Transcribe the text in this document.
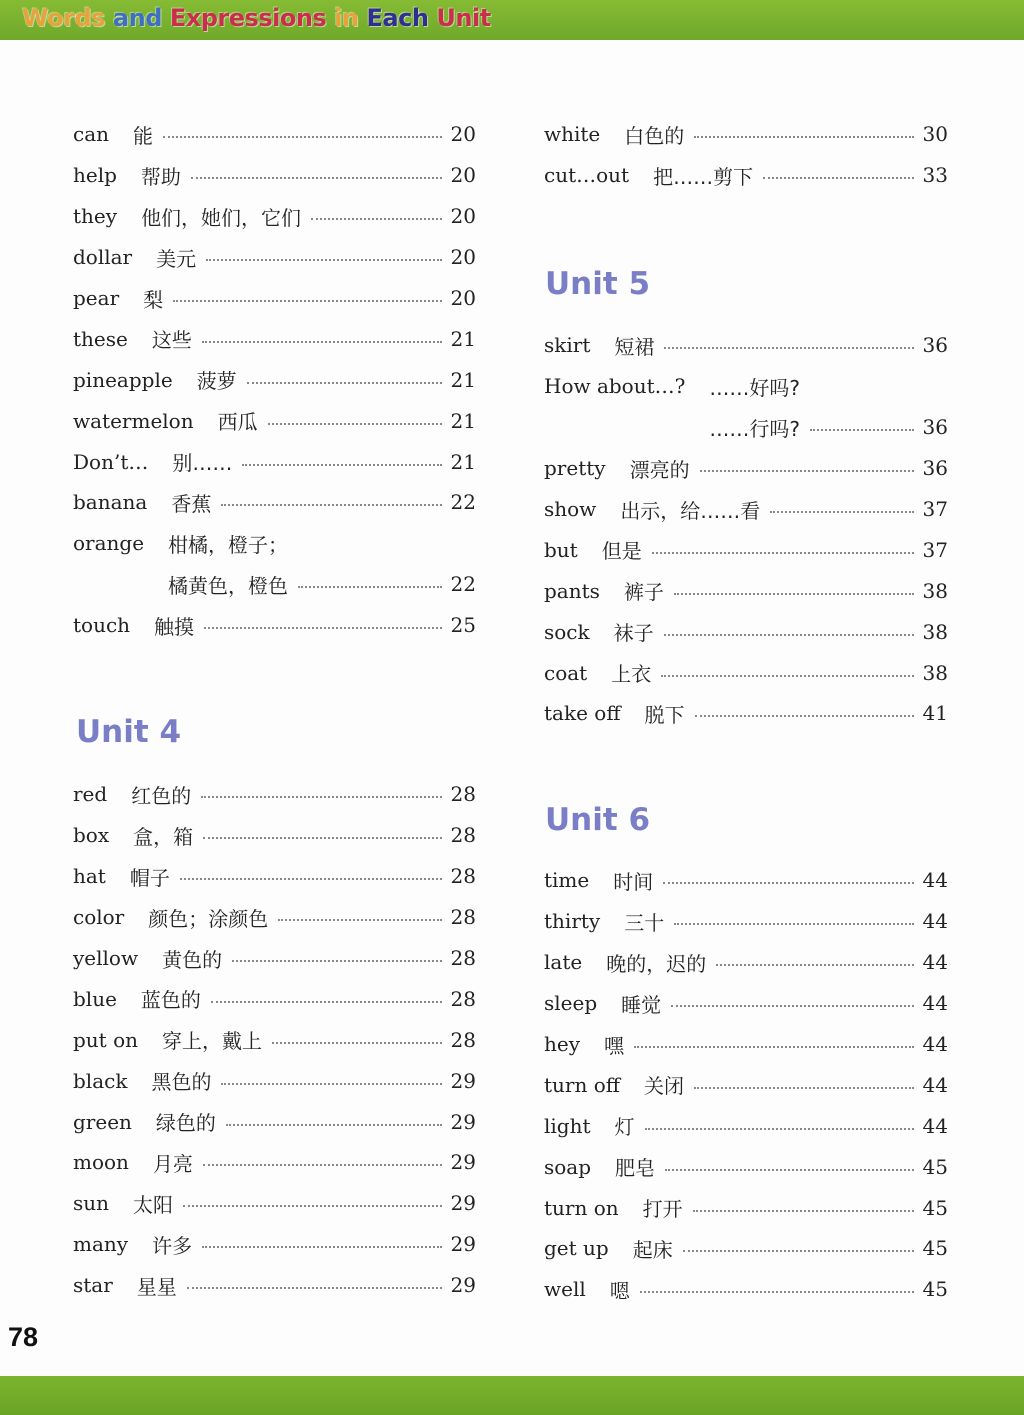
Words and Expressions in Each Unit
can 能	20
help 帮助	20
they 他们，她们，它们	20
dollar 美元	20
pear 梨	20
these 这些	21
pineapple 菠萝	21
watermelon 西瓜	21
Don’t… 别……	21
banana 香蕉	22
orange 柑橘，橙子；
橘黄色，橙色	22
touch 触摸	25
Unit 4
red 红色的	28
box 盒，箱	28
hat 帽子	28
color 颜色；涂颜色	28
yellow 黄色的	28
blue 蓝色的	28
put on 穿上，戴上	28
black 黑色的	29
green 绿色的	29
moon 月亮	29
sun 太阳	29
many 许多	29
star 星星	29
white 白色的	30
cut…out 把……剪下	33
Unit 5
skirt 短裙	36
How about…? ……好吗?
……行吗?	36
pretty 漂亮的	36
show 出示，给……看	37
but 但是	37
pants 裤子	38
sock 袜子	38
coat 上衣	38
take off 脱下	41
Unit 6
time 时间	44
thirty 三十	44
late 晚的，迟的	44
sleep 睡觉	44
hey 嘿	44
turn off 关闭	44
light 灯	44
soap 肥皂	45
turn on 打开	45
get up 起床	45
well 嗯	45
78
